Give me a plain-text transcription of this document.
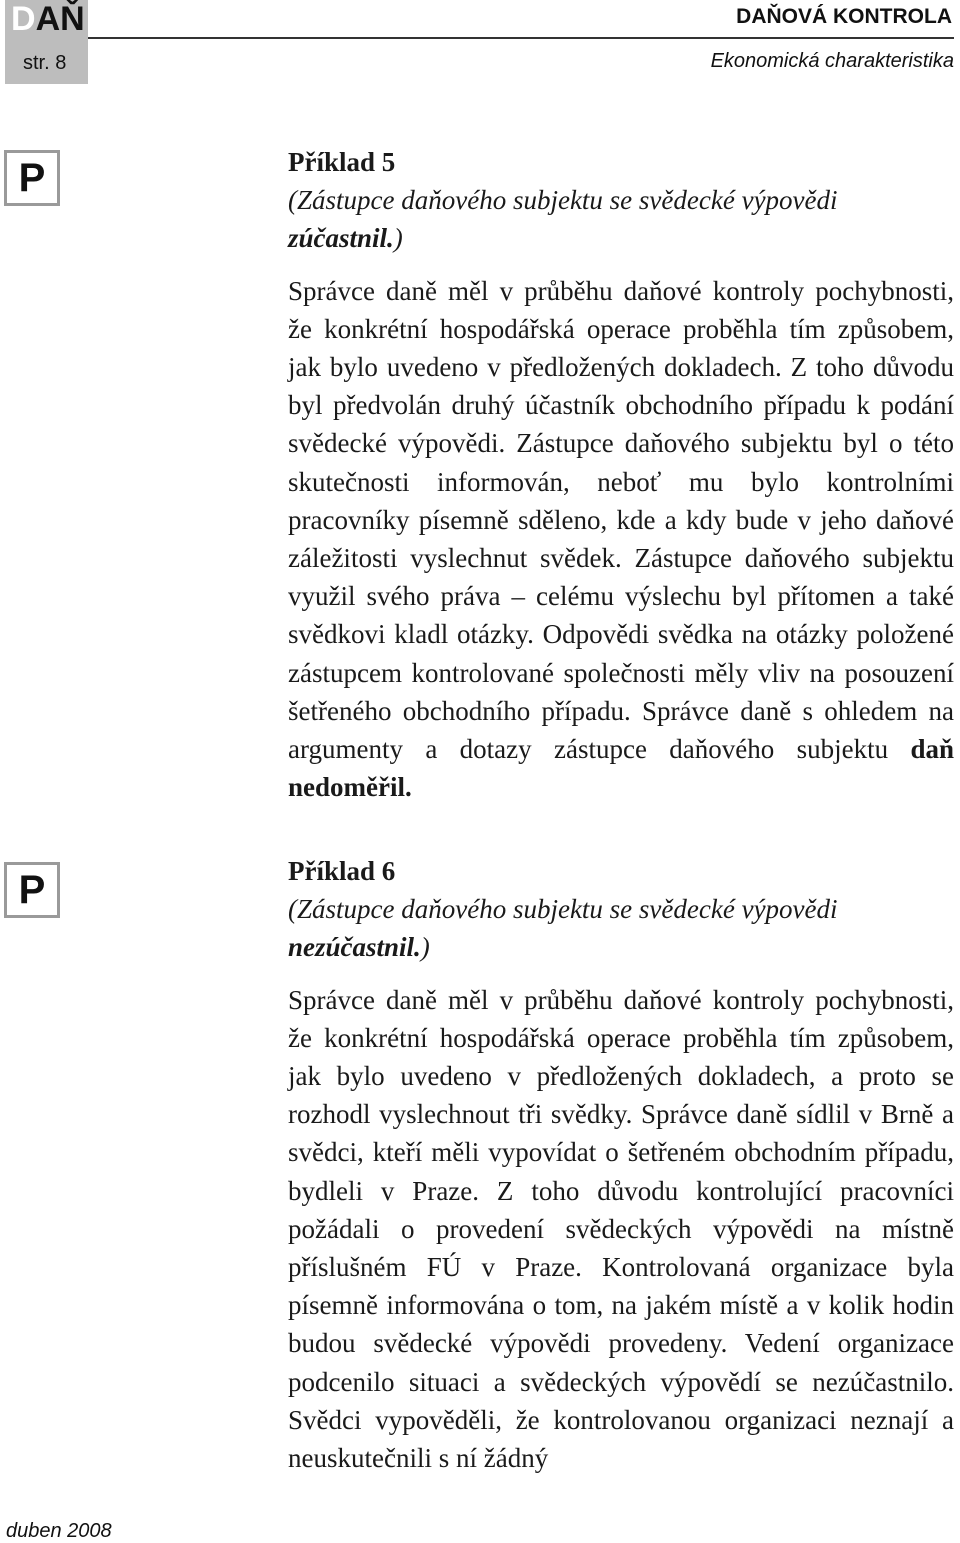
DAŇ
str. 8
DAŇOVÁ KONTROLA
Ekonomická charakteristika
P	Příklad 5

(Zástupce daňového subjektu se svědecké výpovědi zúčastnil.)

Správce daně měl v průběhu daňové kontroly pochybnosti, že konkrétní hospodářská operace proběhla tím způsobem, jak bylo uvedeno v předložených dokladech. Z toho důvodu byl předvolán druhý účastník obchodního případu k podání svědecké výpovědi. Zástupce daňového subjektu byl o této skutečnosti informován, neboť mu bylo kontrolními pracovníky písemně sděleno, kde a kdy bude v jeho daňové záležitosti vyslechnut svědek. Zástupce daňového subjektu využil svého práva – celému výslechu byl přítomen a také svědkovi kladl otázky. Odpovědi svědka na otázky položené zástupcem kontrolované společnosti měly vliv na posouzení šetřeného obchodního případu. Správce daně s ohledem na argumenty a dotazy zástupce daňového subjektu daň nedoměřil.

P	Příklad 6

(Zástupce daňového subjektu se svědecké výpovědi nezúčastnil.)

Správce daně měl v průběhu daňové kontroly pochybnosti, že konkrétní hospodářská operace proběhla tím způsobem, jak bylo uvedeno v předložených dokladech, a proto se rozhodl vyslechnout tři svědky. Správce daně sídlil v Brně a svědci, kteří měli vypovídat o šetřeném obchodním případu, bydleli v Praze. Z toho důvodu kontrolující pracovníci požádali o provedení svědeckých výpovědi na místně příslušném FÚ v Praze. Kontrolovaná organizace byla písemně informována o tom, na jakém místě a v kolik hodin budou svědecké výpovědi provedeny. Vedení organizace podcenilo situaci a svědeckých výpovědí se nezúčastnilo. Svědci vypověděli, že kontrolovanou organizaci neznají a neuskutečnili s ní žádný

duben 2008
